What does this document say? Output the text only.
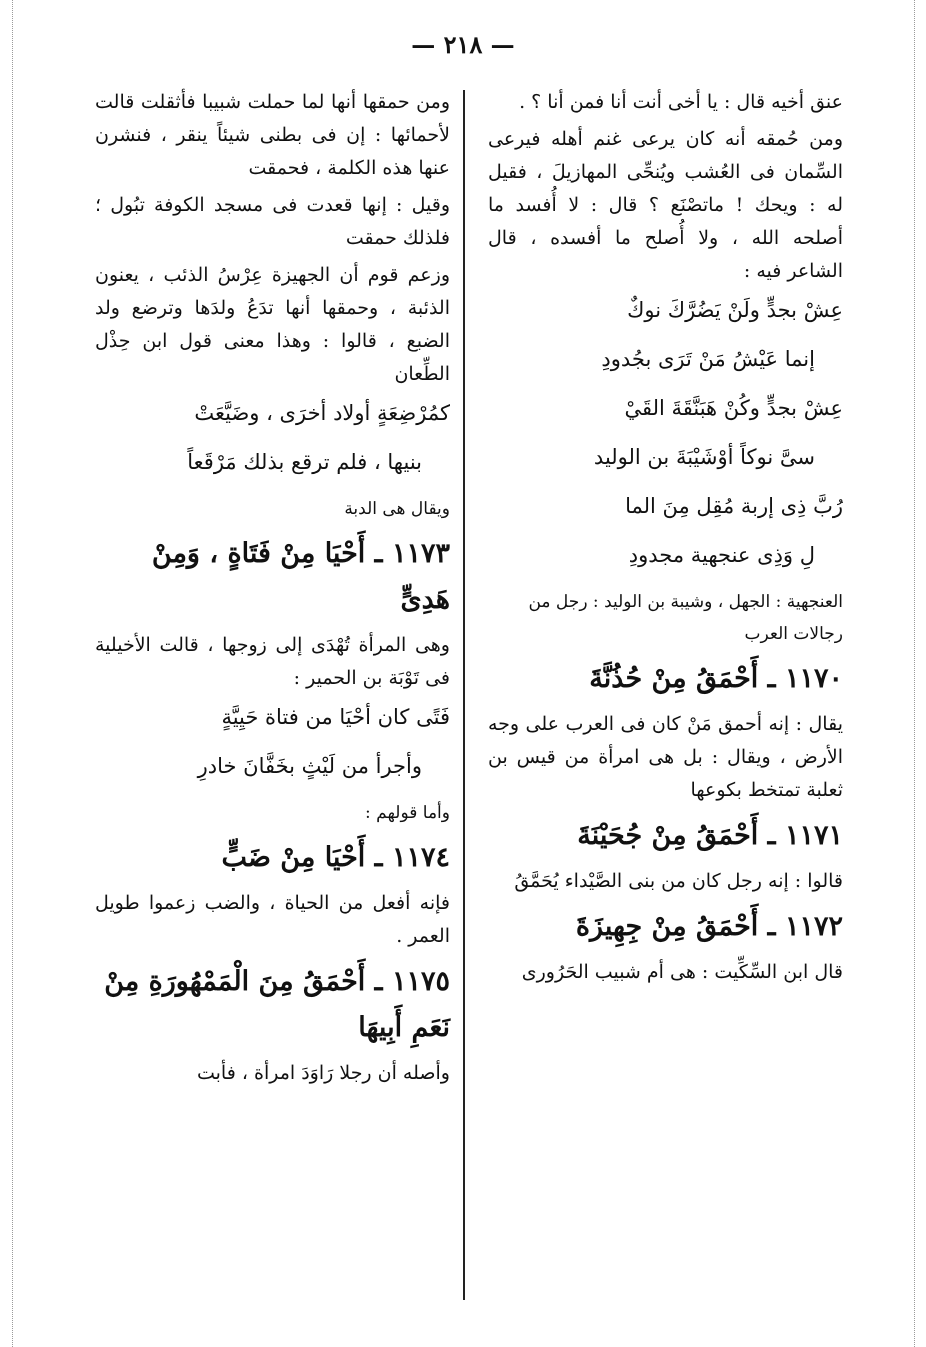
— ٢١٨ —
عنق أخيه قال : يا أخى أنت أنا فمن أنا ؟ .
ومن حُمقه أنه كان يرعى غنم أهله فيرعى السِّمان فى العُشب ويُنحِّى المهازيلَ ، فقيل له : ويحك ! ماتصْنَع ؟ قال : لا أُفسد ما أصلحه الله ، ولا أُصلح ما أفسده ، قال الشاعر فيه :
عِشْ بجدٍّ ولَنْ يَضُرَّكَ نوكٌ
إنما عَيْشُ مَنْ تَرَى بجُدودِ
عِشْ بجدٍّ وكُنْ هَبَنَّقَةَ القَيْ
سىَّ نوكاً أوْشَيْبَةَ بن الوليد
رُبَّ ذِى إربة مُقِل مِنَ الما
لِ وَذِى عنجهية مجدودِ
العنجهية : الجهل ، وشيبة بن الوليد : رجل من رجالات العرب
١١٧٠ ـ أَحْمَقُ مِنْ حُذُنَّةَ
يقال : إنه أحمق مَنْ كان فى العرب على وجه الأرض ، ويقال : بل هى امرأة من قيس بن ثعلبة تمتخط بكوعها
١١٧١ ـ أَحْمَقُ مِنْ جُحَيْنَةَ
قالوا : إنه رجل كان من بنى الصَّيْداء يُحَمَّقُ
١١٧٢ ـ أَحْمَقُ مِنْ جِهِيزَةَ
قال ابن السِّكِّيت : هى أم شبيب الحَرُورى
ومن حمقها أنها لما حملت شبيبا فأثقلت قالت لأحمائها : إن فى بطنى شيئاً ينقر ، فنشرن عنها هذه الكلمة ، فحمقت
وقيل : إنها قعدت فى مسجد الكوفة تبُول ؛ فلذلك حمقت
وزعم قوم أن الجهيزة عِرْسُ الذئب ، يعنون الذئبة ، وحمقها أنها تدَعُ ولدَها وترضع ولد الضبع ، قالوا : وهذا معنى قول ابن حِذْل الطِّعان
كمُرْضِعَةٍ أولاد أخرَى ، وضَيَّعَتْ
بنيها ، فلم ترقع بذلك مَرْقَعاً
ويقال هى الدبة
١١٧٣ ـ أَحْيَا مِنْ فَتَاةٍ ، وَمِنْ هَدِىٍّ
وهى المرأة تُهْدَى إلى زوجها ، قالت الأخيلية فى تَوْبَة بن الحمير :
فَتًى كان أحْيَا من فتاة حَيِيَّةٍ
وأجرأ من لَيْثٍ بخَفَّانَ خادرِ
وأما قولهم :
١١٧٤ ـ أَحْيَا مِنْ ضَبٍّ
فإنه أفعل من الحياة ، والضب زعموا طويل العمر .
١١٧٥ ـ أَحْمَقُ مِنَ الْمَمْهُورَةِ مِنْ نَعَمِ أَبِيهَا
وأصله أن رجلا رَاوَدَ امرأة ، فأبت
